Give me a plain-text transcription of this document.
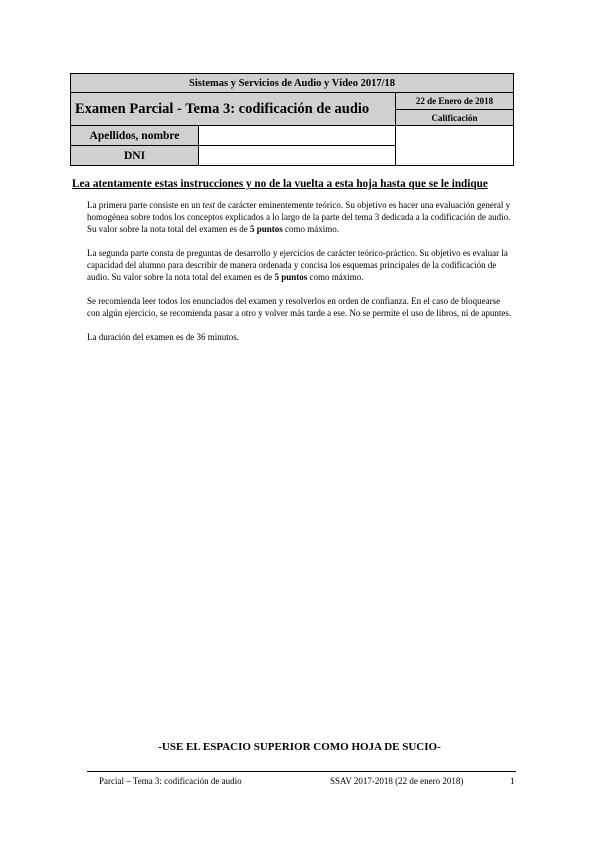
Sistemas y Servicios de Audio y Vídeo 2017/18		
Examen Parcial - Tema 3: codificación de audio		22 de Enero de 2018
		Calificación
Apellidos, nombre		
DNI		
Lea atentamente estas instrucciones y no de la vuelta a esta hoja hasta que se le indique

La primera parte consiste en un test de carácter eminentemente teórico. Su objetivo es hacer una evaluación general y homogénea sobre todos los conceptos explicados a lo largo de la parte del tema 3 dedicada a la codificación de audio. Su valor sobre la nota total del examen es de 5 puntos como máximo.

La segunda parte consta de preguntas de desarrollo y ejercicios de carácter teórico-práctico. Su objetivo es evaluar la capacidad del alumno para describir de manera ordenada y concisa los esquemas principales de la codificación de audio. Su valor sobre la nota total del examen es de 5 puntos como máximo.

Se recomienda leer todos los enunciados del examen y resolverlos en orden de confianza. En el caso de bloquearse con algún ejercicio, se recomienda pasar a otro y volver más tarde a ese. No se permite el uso de libros, ni de apuntes.

La duración del examen es de 36 minutos.

-USE EL ESPACIO SUPERIOR COMO HOJA DE SUCIO-
Parcial – Tema 3: codificación de audio	SSAV 2017-2018 (22 de enero 2018)	1
